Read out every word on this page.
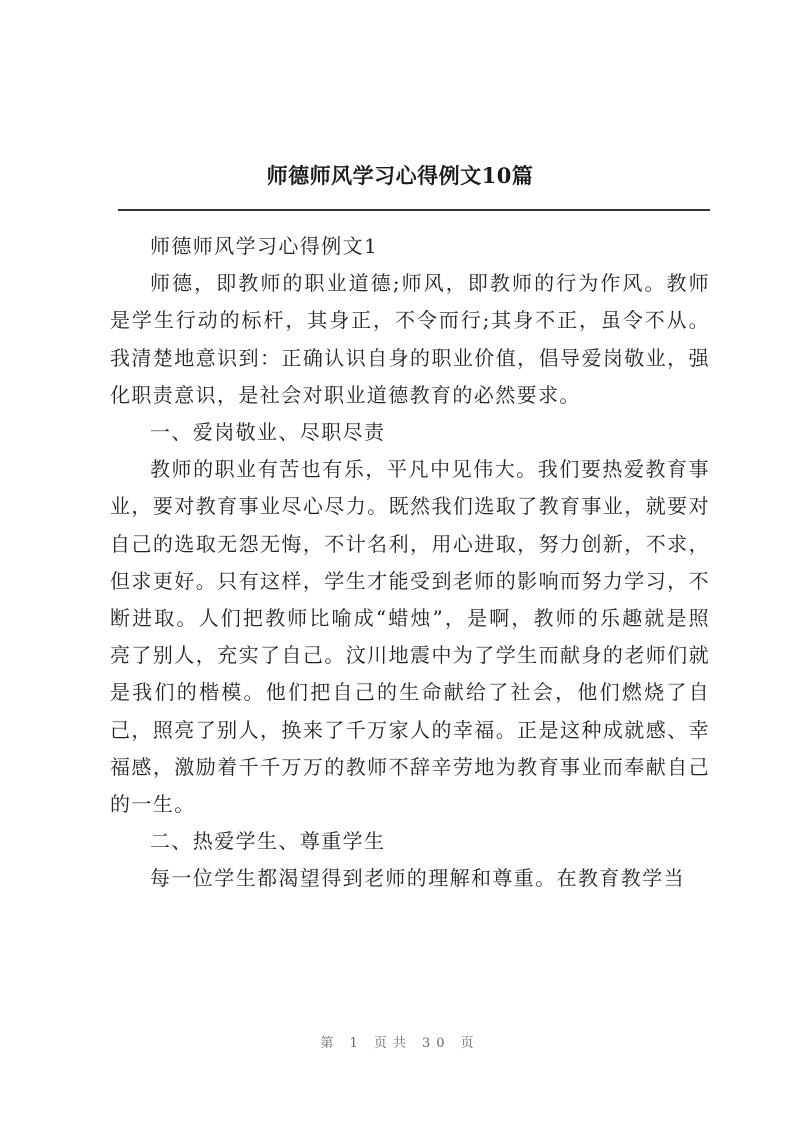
师德师风学习心得例文10篇

师德师风学习心得例文1

师德，即教师的职业道德;师风，即教师的行为作风。教师是学生行动的标杆，其身正，不令而行;其身不正，虽令不从。我清楚地意识到：正确认识自身的职业价值，倡导爱岗敬业，强化职责意识，是社会对职业道德教育的必然要求。

一、爱岗敬业、尽职尽责

教师的职业有苦也有乐，平凡中见伟大。我们要热爱教育事业，要对教育事业尽心尽力。既然我们选取了教育事业，就要对自己的选取无怨无悔，不计名利，用心进取，努力创新，不求，但求更好。只有这样，学生才能受到老师的影响而努力学习，不断进取。人们把教师比喻成“蜡烛”，是啊，教师的乐趣就是照亮了别人，充实了自己。汶川地震中为了学生而献身的老师们就是我们的楷模。他们把自己的生命献给了社会，他们燃烧了自己，照亮了别人，换来了千万家人的幸福。正是这种成就感、幸福感，激励着千千万万的教师不辞辛劳地为教育事业而奉献自己的一生。

二、热爱学生、尊重学生

每一位学生都渴望得到老师的理解和尊重。在教育教学当

第 1 页共 30 页
